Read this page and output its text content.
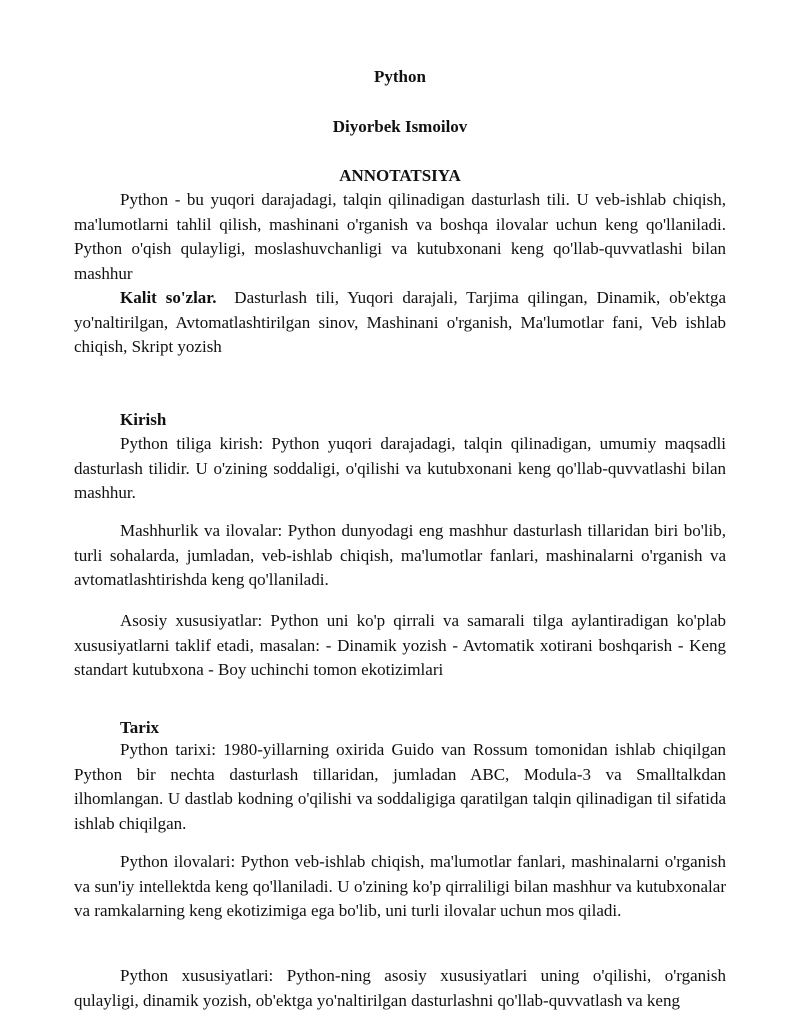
Python
Diyorbek Ismoilov
ANNOTATSIYA

Python - bu yuqori darajadagi, talqin qilinadigan dasturlash tili. U veb-ishlab chiqish, ma'lumotlarni tahlil qilish, mashinani o'rganish va boshqa ilovalar uchun keng qo'llaniladi. Python o'qish qulayligi, moslashuvchanligi va kutubxonani keng qo'llab-quvvatlashi bilan mashhur

Kalit so'zlar. Dasturlash tili, Yuqori darajali, Tarjima qilingan, Dinamik, ob'ektga yo'naltirilgan, Avtomatlashtirilgan sinov, Mashinani o'rganish, Ma'lumotlar fani, Veb ishlab chiqish, Skript yozish

Kirish

Python tiliga kirish: Python yuqori darajadagi, talqin qilinadigan, umumiy maqsadli dasturlash tilidir. U o'zining soddaligi, o'qilishi va kutubxonani keng qo'llab-quvvatlashi bilan mashhur.

Mashhurlik va ilovalar: Python dunyodagi eng mashhur dasturlash tillaridan biri bo'lib, turli sohalarda, jumladan, veb-ishlab chiqish, ma'lumotlar fanlari, mashinalarni o'rganish va avtomatlashtirishda keng qo'llaniladi.

Asosiy xususiyatlar: Python uni ko'p qirrali va samarali tilga aylantiradigan ko'plab xususiyatlarni taklif etadi, masalan: - Dinamik yozish - Avtomatik xotirani boshqarish - Keng standart kutubxona - Boy uchinchi tomon ekotizimlari

Tarix

Python tarixi: 1980-yillarning oxirida Guido van Rossum tomonidan ishlab chiqilgan Python bir nechta dasturlash tillaridan, jumladan ABC, Modula-3 va Smalltalkdan ilhomlangan. U dastlab kodning o'qilishi va soddaligiga qaratilgan talqin qilinadigan til sifatida ishlab chiqilgan.

Python ilovalari: Python veb-ishlab chiqish, ma'lumotlar fanlari, mashinalarni o'rganish va sun'iy intellektda keng qo'llaniladi. U o'zining ko'p qirraliligi bilan mashhur va kutubxonalar va ramkalarning keng ekotizimiga ega bo'lib, uni turli ilovalar uchun mos qiladi.

Python xususiyatlari: Python-ning asosiy xususiyatlari uning o'qilishi, o'rganish qulayligi, dinamik yozish, ob'ektga yo'naltirilgan dasturlashni qo'llab-quvvatlash va keng
